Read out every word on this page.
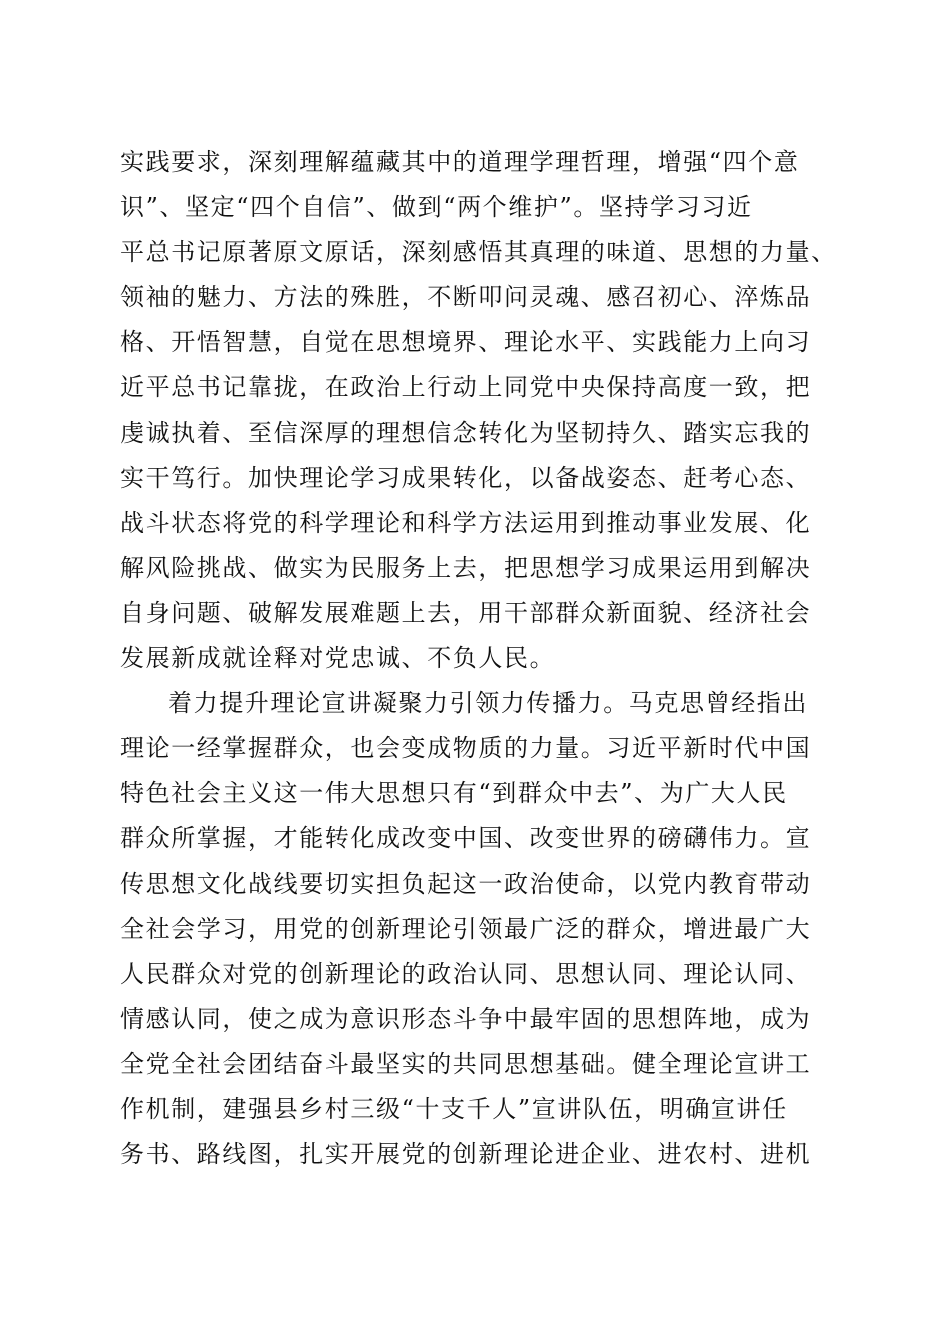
实践要求，深刻理解蕴藏其中的道理学理哲理，增强“四个意
识”、坚定“四个自信”、做到“两个维护”。坚持学习习近
平总书记原著原文原话，深刻感悟其真理的味道、思想的力量、
领袖的魅力、方法的殊胜，不断叩问灵魂、感召初心、淬炼品
格、开悟智慧，自觉在思想境界、理论水平、实践能力上向习
近平总书记靠拢，在政治上行动上同党中央保持高度一致，把
虔诚执着、至信深厚的理想信念转化为坚韧持久、踏实忘我的
实干笃行。加快理论学习成果转化，以备战姿态、赶考心态、
战斗状态将党的科学理论和科学方法运用到推动事业发展、化
解风险挑战、做实为民服务上去，把思想学习成果运用到解决
自身问题、破解发展难题上去，用干部群众新面貌、经济社会
发展新成就诠释对党忠诚、不负人民。
着力提升理论宣讲凝聚力引领力传播力。马克思曾经指出
理论一经掌握群众，也会变成物质的力量。习近平新时代中国
特色社会主义这一伟大思想只有“到群众中去”、为广大人民
群众所掌握，才能转化成改变中国、改变世界的磅礴伟力。宣
传思想文化战线要切实担负起这一政治使命，以党内教育带动
全社会学习，用党的创新理论引领最广泛的群众，增进最广大
人民群众对党的创新理论的政治认同、思想认同、理论认同、
情感认同，使之成为意识形态斗争中最牢固的思想阵地，成为
全党全社会团结奋斗最坚实的共同思想基础。健全理论宣讲工
作机制，建强县乡村三级“十支千人”宣讲队伍，明确宣讲任
务书、路线图，扎实开展党的创新理论进企业、进农村、进机
